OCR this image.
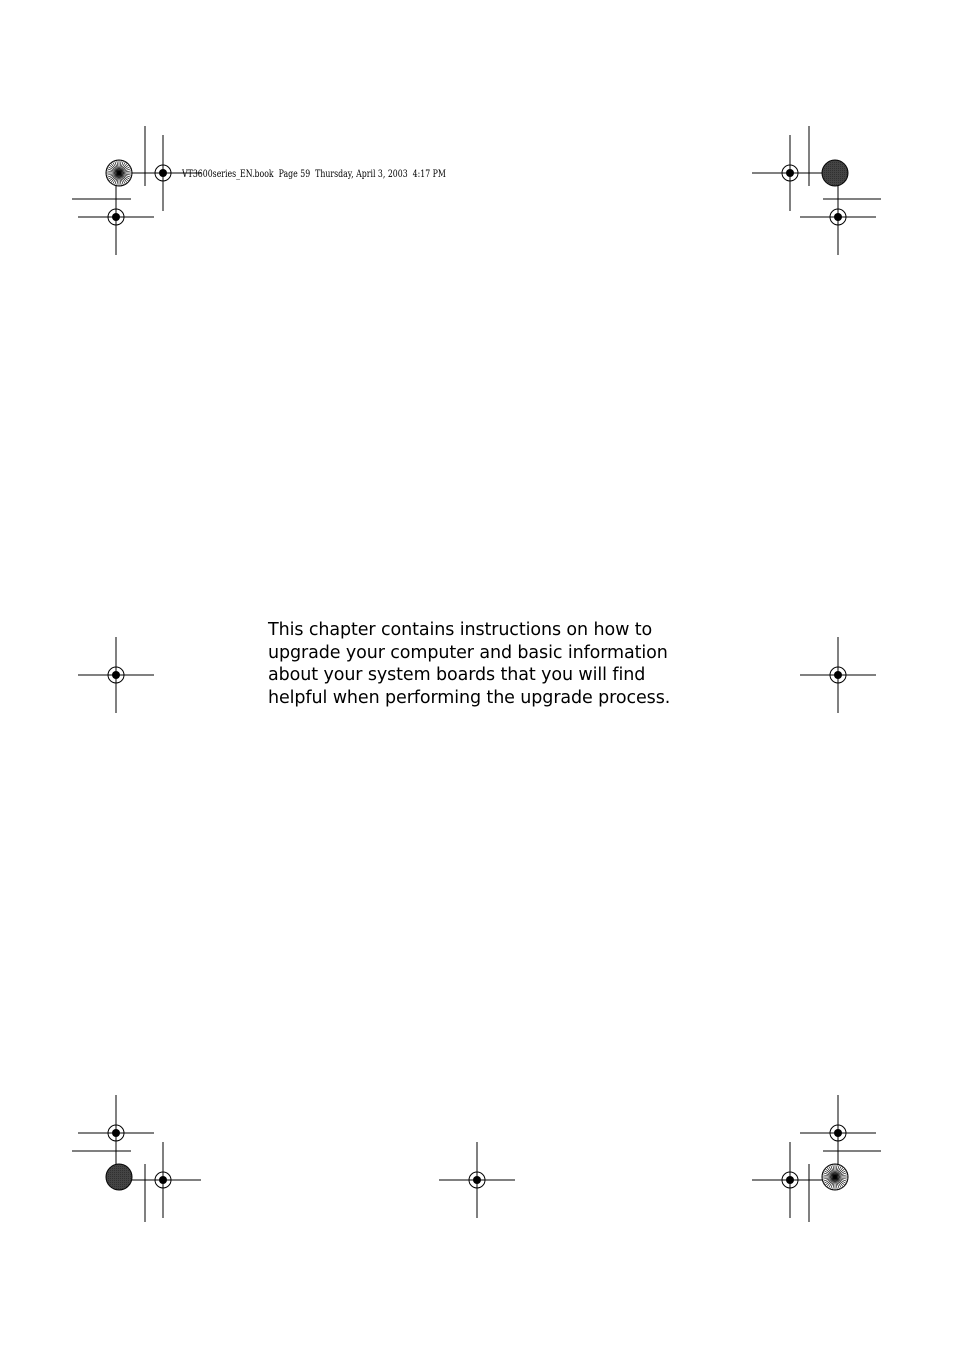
VT3600series_EN.book  Page 59  Thursday, April 3, 2003  4:17 PM
This chapter contains instructions on how to
upgrade your computer and basic information
about your system boards that you will find
helpful when performing the upgrade process.
